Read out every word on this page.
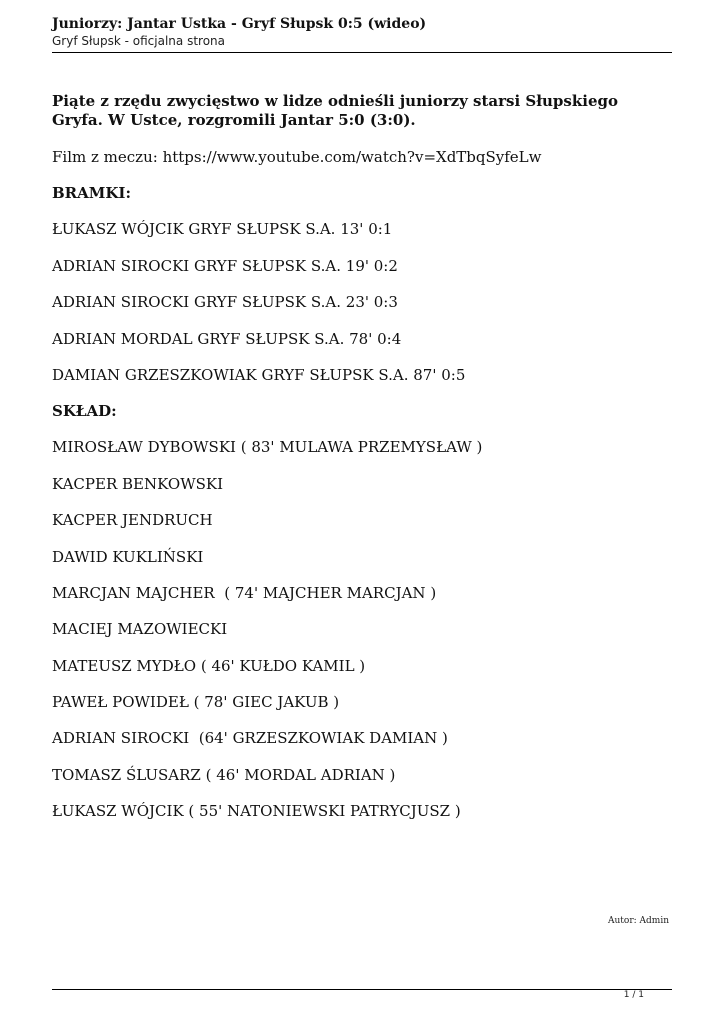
Juniorzy: Jantar Ustka - Gryf Słupsk 0:5 (wideo)
Gryf Słupsk - oficjalna strona

Piąte z rzędu zwycięstwo w lidze odnieśli juniorzy starsi Słupskiego Gryfa. W Ustce, rozgromili Jantar 5:0 (3:0).

Film z meczu: https://www.youtube.com/watch?v=XdTbqSyfeLw

BRAMKI:

ŁUKASZ WÓJCIK GRYF SŁUPSK S.A. 13' 0:1
ADRIAN SIROCKI GRYF SŁUPSK S.A. 19' 0:2
ADRIAN SIROCKI GRYF SŁUPSK S.A. 23' 0:3
ADRIAN MORDAL GRYF SŁUPSK S.A. 78' 0:4
DAMIAN GRZESZKOWIAK GRYF SŁUPSK S.A. 87' 0:5

SKŁAD:

MIROSŁAW DYBOWSKI ( 83' MULAWA PRZEMYSŁAW )
KACPER BENKOWSKI
KACPER JENDRUCH
DAWID KUKLIŃSKI
MARCJAN MAJCHER  ( 74' MAJCHER MARCJAN )
MACIEJ MAZOWIECKI
MATEUSZ MYDŁO ( 46' KUŁDO KAMIL )
PAWEŁ POWIDEŁ ( 78' GIEC JAKUB )
ADRIAN SIROCKI  (64' GRZESZKOWIAK DAMIAN )
TOMASZ ŚLUSARZ ( 46' MORDAL ADRIAN )
ŁUKASZ WÓJCIK ( 55' NATONIEWSKI PATRYCJUSZ )
Autor: Admin
1 / 1
